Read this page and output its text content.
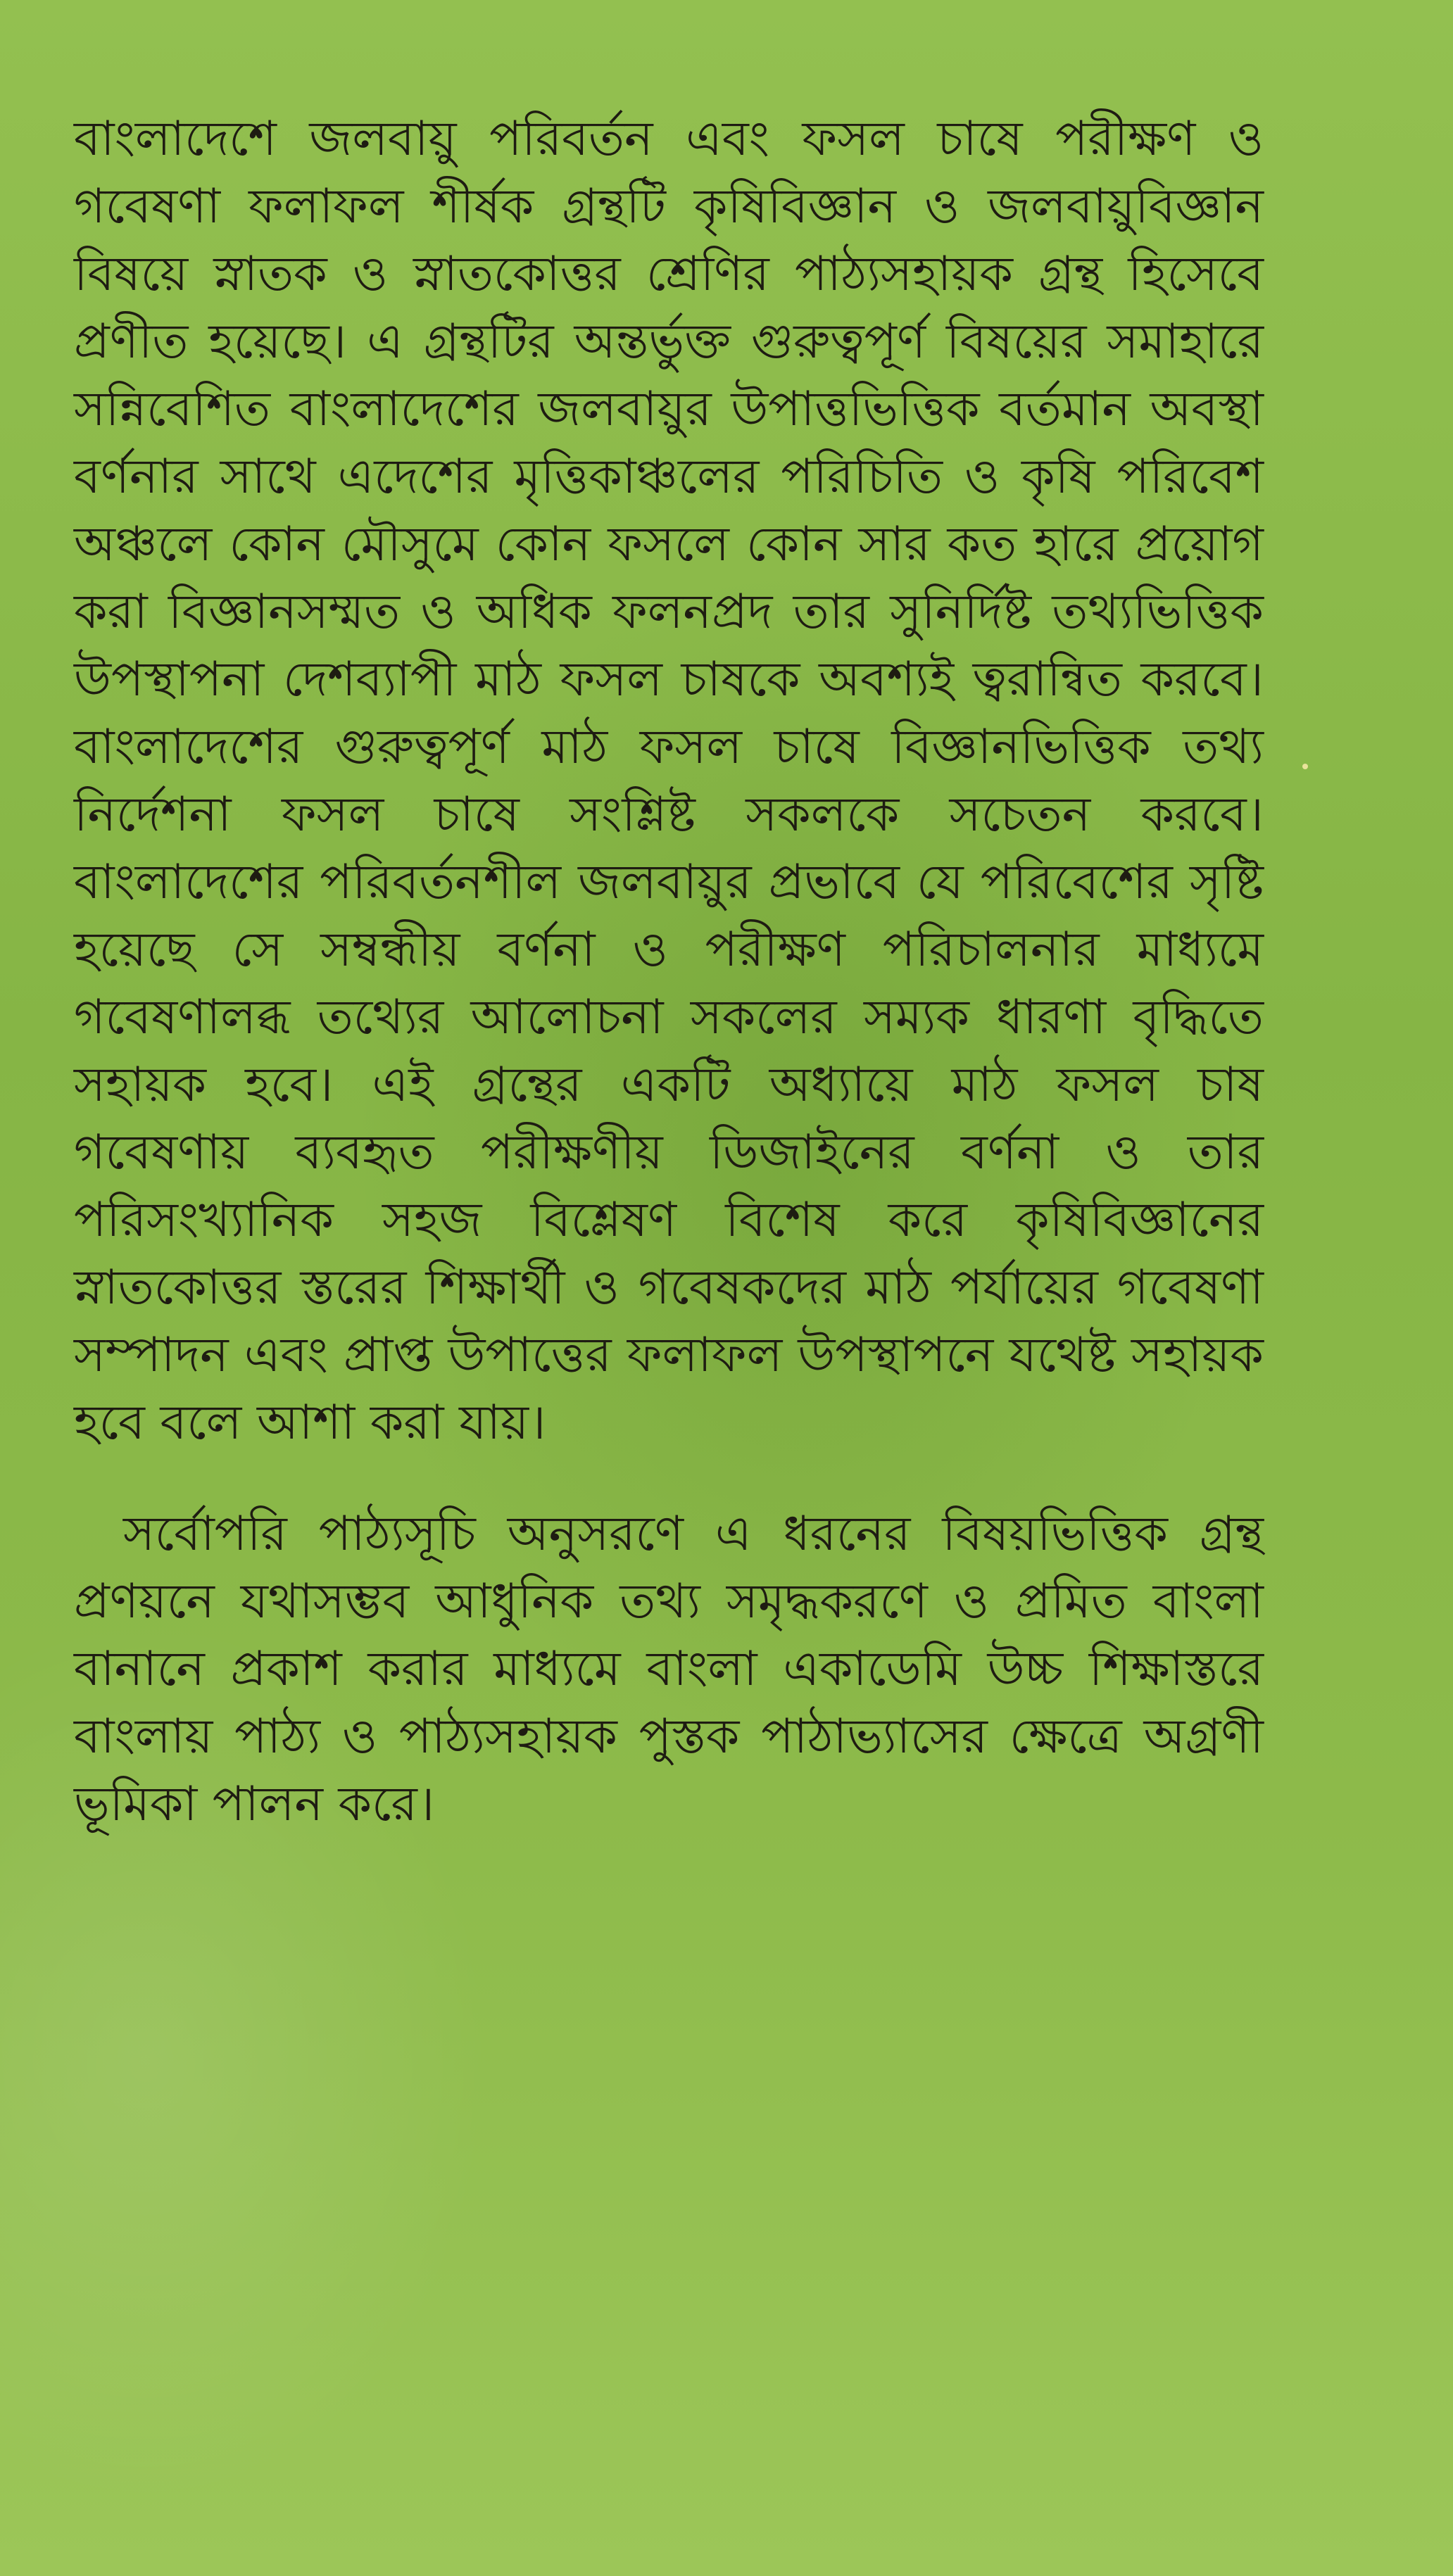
বাংলাদেশে জলবায়ু পরিবর্তন এবং ফসল চাষে পরীক্ষণ ও গবেষণা ফলাফল শীর্ষক গ্রন্থটি কৃষিবিজ্ঞান ও জলবায়ুবিজ্ঞান বিষয়ে স্নাতক ও স্নাতকোত্তর শ্রেণির পাঠ্যসহায়ক গ্রন্থ হিসেবে প্রণীত হয়েছে। এ গ্রন্থটির অন্তর্ভুক্ত গুরুত্বপূর্ণ বিষয়ের সমাহারে সন্নিবেশিত বাংলাদেশের জলবায়ুর উপাত্তভিত্তিক বর্তমান অবস্থা বর্ণনার সাথে এদেশের মৃত্তিকাঞ্চলের পরিচিতি ও কৃষি পরিবেশ অঞ্চলে কোন মৌসুমে কোন ফসলে কোন সার কত হারে প্রয়োগ করা বিজ্ঞানসম্মত ও অধিক ফলনপ্রদ তার সুনির্দিষ্ট তথ্যভিত্তিক উপস্থাপনা দেশব্যাপী মাঠ ফসল চাষকে অবশ্যই ত্বরান্বিত করবে। বাংলাদেশের গুরুত্বপূর্ণ মাঠ ফসল চাষে বিজ্ঞানভিত্তিক তথ্য নির্দেশনা ফসল চাষে সংশ্লিষ্ট সকলকে সচেতন করবে। বাংলাদেশের পরিবর্তনশীল জলবায়ুর প্রভাবে যে পরিবেশের সৃষ্টি হয়েছে সে সম্বন্ধীয় বর্ণনা ও পরীক্ষণ পরিচালনার মাধ্যমে গবেষণালব্ধ তথ্যের আলোচনা সকলের সম্যক ধারণা বৃদ্ধিতে সহায়ক হবে। এই গ্রন্থের একটি অধ্যায়ে মাঠ ফসল চাষ গবেষণায় ব্যবহৃত পরীক্ষণীয় ডিজাইনের বর্ণনা ও তার পরিসংখ্যানিক সহজ বিশ্লেষণ বিশেষ করে কৃষিবিজ্ঞানের স্নাতকোত্তর স্তরের শিক্ষার্থী ও গবেষকদের মাঠ পর্যায়ের গবেষণা সম্পাদন এবং প্রাপ্ত উপাত্তের ফলাফল উপস্থাপনে যথেষ্ট সহায়ক হবে বলে আশা করা যায়।

সর্বোপরি পাঠ্যসূচি অনুসরণে এ ধরনের বিষয়ভিত্তিক গ্রন্থ প্রণয়নে যথাসম্ভব আধুনিক তথ্য সমৃদ্ধকরণে ও প্রমিত বাংলা বানানে প্রকাশ করার মাধ্যমে বাংলা একাডেমি উচ্চ শিক্ষাস্তরে বাংলায় পাঠ্য ও পাঠ্যসহায়ক পুস্তক পাঠাভ্যাসের ক্ষেত্রে অগ্রণী ভূমিকা পালন করে।
